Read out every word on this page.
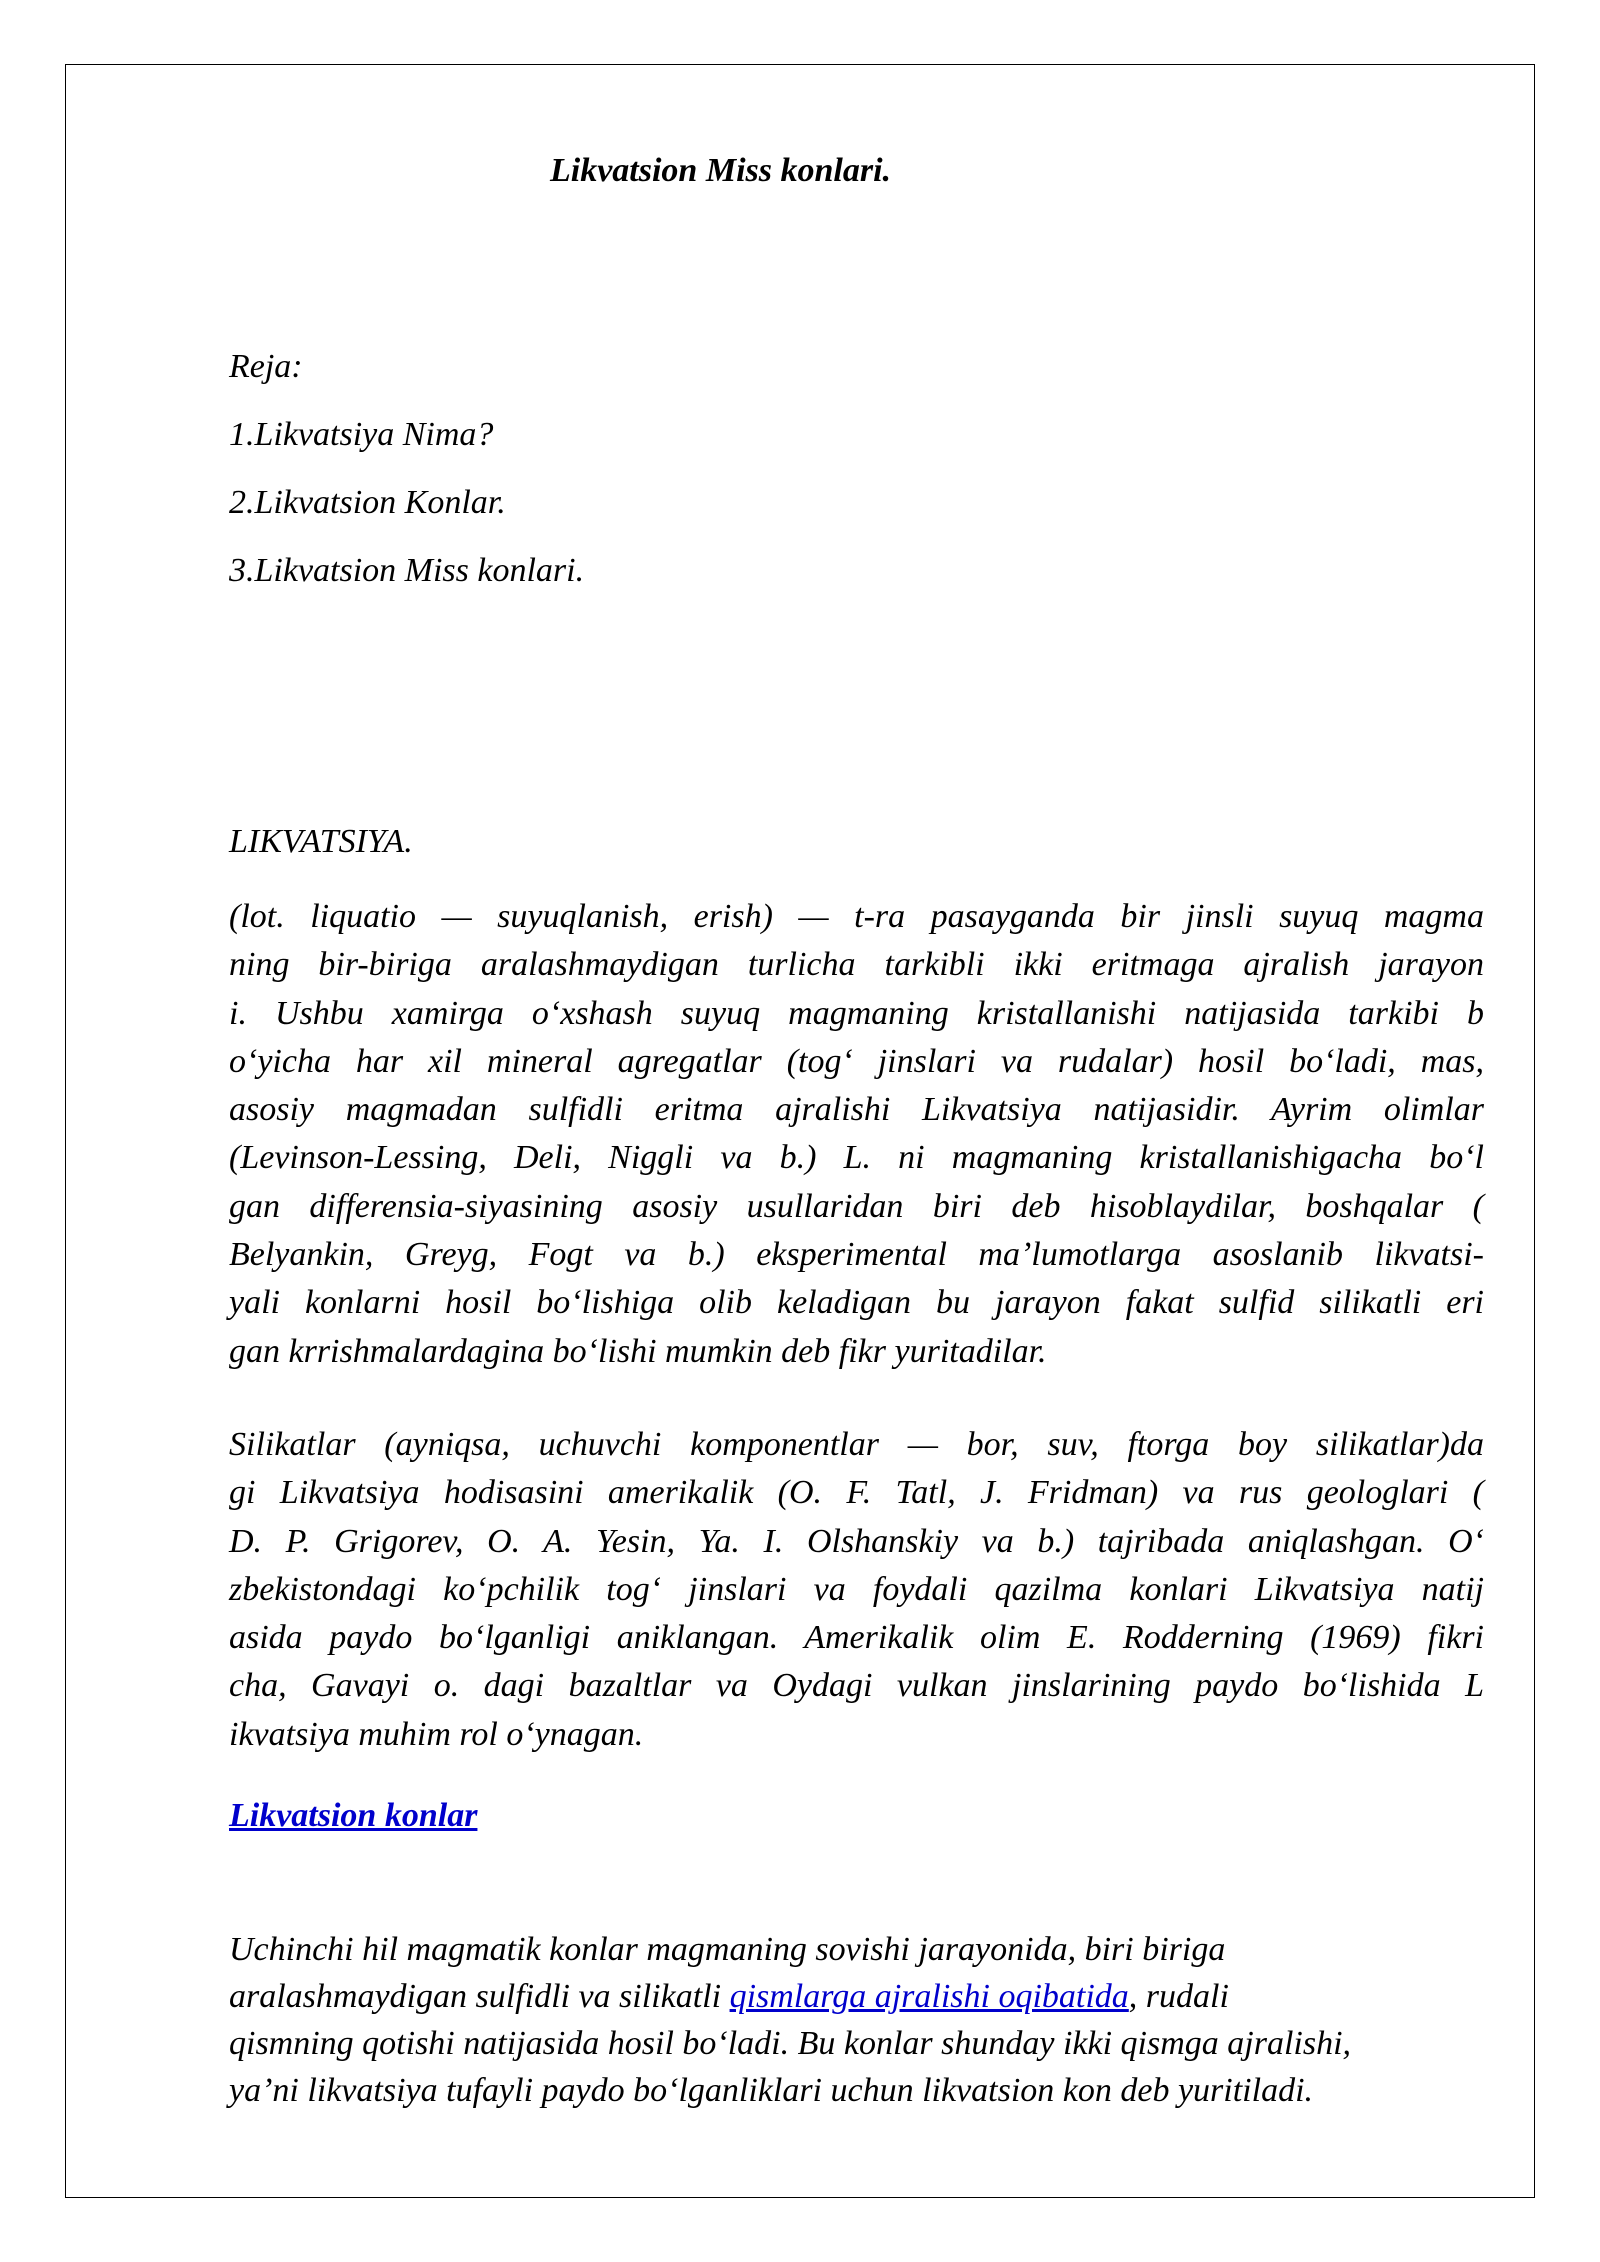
Likvatsion Miss konlari.
Reja:
1.Likvatsiya Nima?
2.Likvatsion Konlar.
3.Likvatsion Miss konlari.
LIKVATSIYA.
(lot. liquatio — suyuqlanish, erish) — t-ra pasayganda bir jinsli suyuq magma
ning bir-biriga aralashmaydigan turlicha tarkibli ikki eritmaga ajralish jarayon
i. Ushbu xamirga oʻxshash suyuq magmaning kristallanishi natijasida tarkibi b
oʻyicha har xil mineral agregatlar (togʻ jinslari va rudalar) hosil boʻladi, mas,
asosiy magmadan sulfidli eritma ajralishi Likvatsiya natijasidir. Ayrim olimlar
(Levinson-Lessing, Deli, Niggli va b.) L. ni magmaning kristallanishigacha boʻl
gan differensia-siyasining asosiy usullaridan biri deb hisoblaydilar, boshqalar (
Belyankin, Greyg, Fogt va b.) eksperimental maʼlumotlarga asoslanib likvatsi-
yali konlarni hosil boʻlishiga olib keladigan bu jarayon fakat sulfid silikatli eri
gan krrishmalardagina boʻlishi mumkin deb fikr yuritadilar.
Silikatlar (ayniqsa, uchuvchi komponentlar — bor, suv, ftorga boy silikatlar)da
gi Likvatsiya hodisasini amerikalik (O. F. Tatl, J. Fridman) va rus geologlari (
D. P. Grigorev, O. A. Yesin, Ya. I. Olshanskiy va b.) tajribada aniqlashgan. Oʻ
zbekistondagi koʻpchilik togʻ jinslari va foydali qazilma konlari Likvatsiya natij
asida paydo boʻlganligi aniklangan. Amerikalik olim E. Rodderning (1969) fikri
cha, Gavayi o. dagi bazaltlar va Oydagi vulkan jinslarining paydo boʻlishida L
ikvatsiya muhim rol oʻynagan.
Likvatsion konlar
Uchinchi hil magmatik konlar magmaning sovishi jarayonida, biri biriga
aralashmaydigan sulfidli va silikatli qismlarga ajralishi oqibatida, rudali
qismning qotishi natijasida hosil boʻladi. Bu konlar shunday ikki qismga ajralishi,
yaʼni likvatsiya tufayli paydo boʻlganliklari uchun likvatsion kon deb yuritiladi.
